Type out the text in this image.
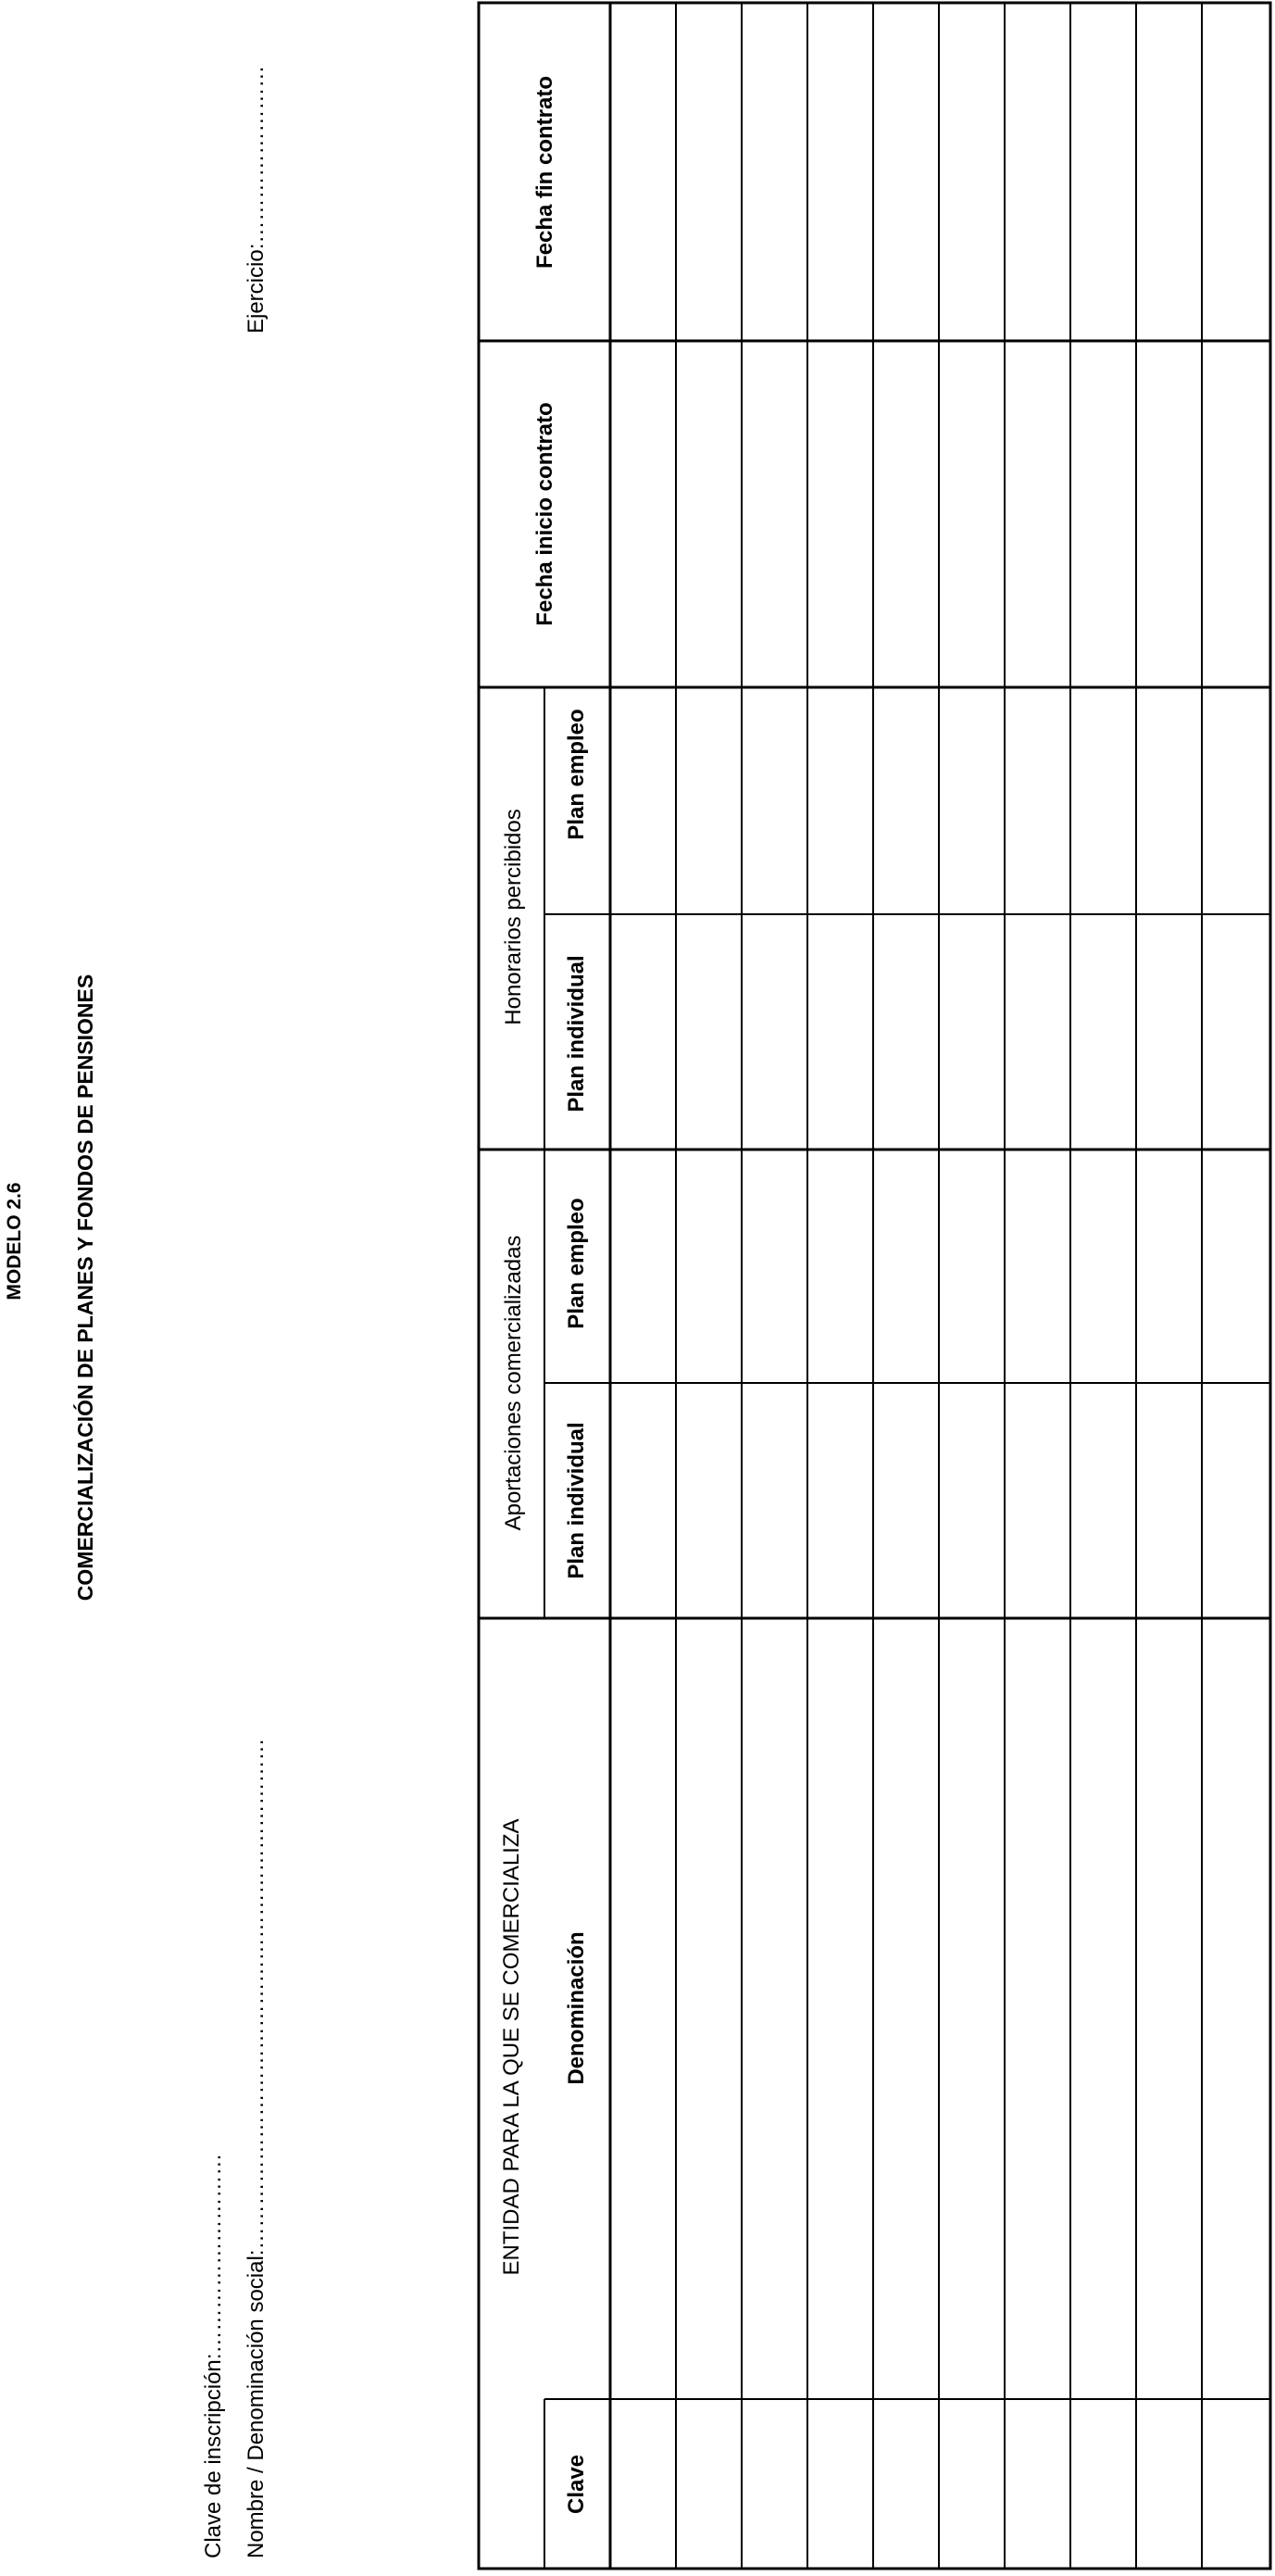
MODELO 2.6 COMERCIALIZACIÓN DE PLANES Y FONDOS DE PENSIONES
Clave de inscripción:……………………… Nombre / Denominación social:……………………………………………………………
Ejercicio:……………………
ENTIDAD PARA LA QUE SE COMERCIALIZA
Clave
Denominación
Aportaciones comercializadas Plan individual
Plan empleo
Honorarios percibidos
Plan individual
Plan empleo
Fecha inicio contrato
Fecha fin contrato
